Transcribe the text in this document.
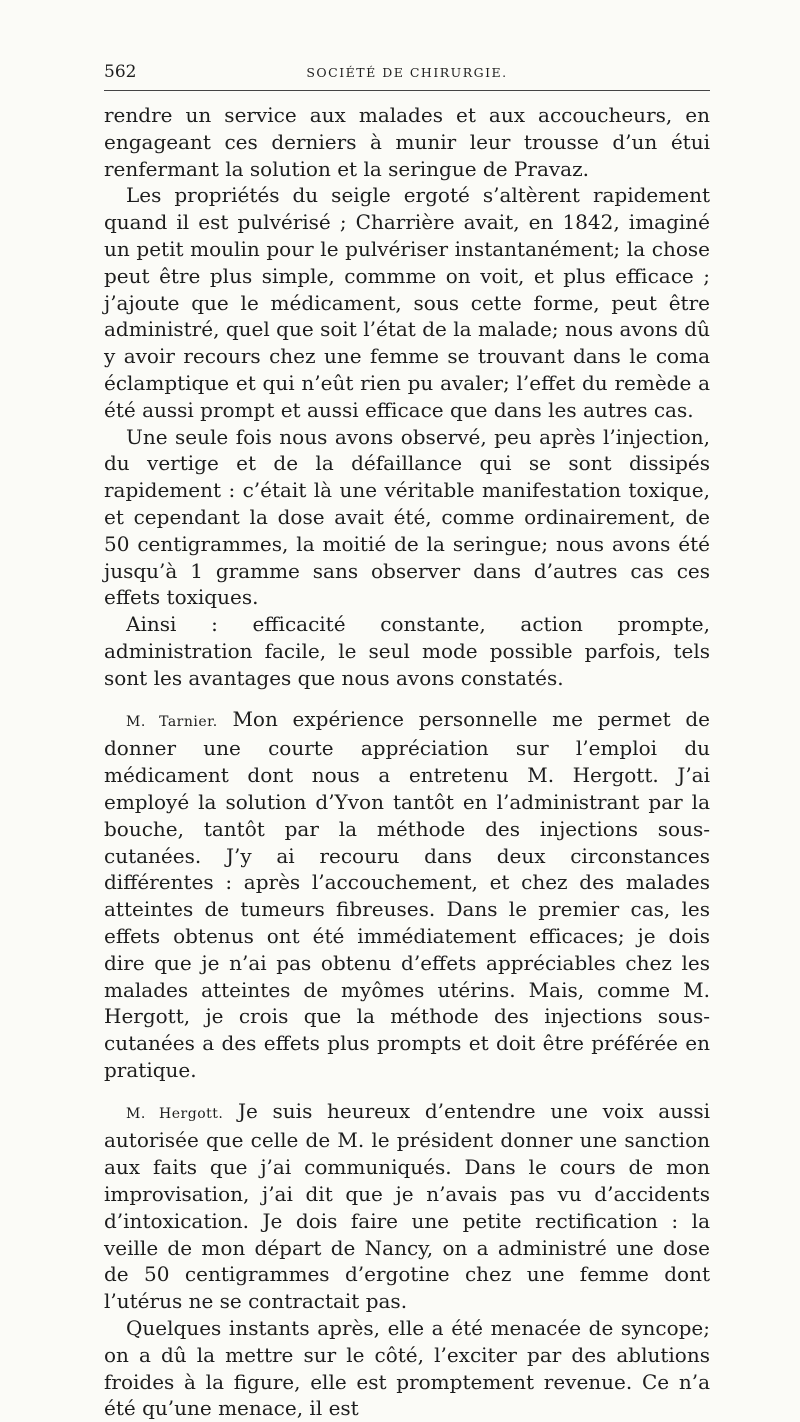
562	SOCIÉTÉ DE CHIRURGIE.

rendre un service aux malades et aux accoucheurs, en engageant ces derniers à munir leur trousse d’un étui renfermant la solution et la seringue de Pravaz.

Les propriétés du seigle ergoté s’altèrent rapidement quand il est pulvérisé ; Charrière avait, en 1842, imaginé un petit moulin pour le pulvériser instantanément; la chose peut être plus simple, commme on voit, et plus efficace ; j’ajoute que le médicament, sous cette forme, peut être administré, quel que soit l’état de la malade; nous avons dû y avoir recours chez une femme se trouvant dans le coma éclamptique et qui n’eût rien pu avaler; l’effet du remède a été aussi prompt et aussi efficace que dans les autres cas.

Une seule fois nous avons observé, peu après l’injection, du vertige et de la défaillance qui se sont dissipés rapidement : c’était là une véritable manifestation toxique, et cependant la dose avait été, comme ordinairement, de 50 centigrammes, la moitié de la seringue; nous avons été jusqu’à 1 gramme sans observer dans d’autres cas ces effets toxiques.

Ainsi : efficacité constante, action prompte, administration facile, le seul mode possible parfois, tels sont les avantages que nous avons constatés.

M. Tarnier. Mon expérience personnelle me permet de donner une courte appréciation sur l’emploi du médicament dont nous a entretenu M. Hergott. J’ai employé la solution d’Yvon tantôt en l’administrant par la bouche, tantôt par la méthode des injections sous-cutanées. J’y ai recouru dans deux circonstances différentes : après l’accouchement, et chez des malades atteintes de tumeurs fibreuses. Dans le premier cas, les effets obtenus ont été immédiatement efficaces; je dois dire que je n’ai pas obtenu d’effets appréciables chez les malades atteintes de myômes utérins. Mais, comme M. Hergott, je crois que la méthode des injections sous-cutanées a des effets plus prompts et doit être préférée en pratique.

M. Hergott. Je suis heureux d’entendre une voix aussi autorisée que celle de M. le président donner une sanction aux faits que j’ai communiqués. Dans le cours de mon improvisation, j’ai dit que je n’avais pas vu d’accidents d’intoxication. Je dois faire une petite rectification : la veille de mon départ de Nancy, on a administré une dose de 50 centigrammes d’ergotine chez une femme dont l’utérus ne se contractait pas.

Quelques instants après, elle a été menacée de syncope; on a dû la mettre sur le côté, l’exciter par des ablutions froides à la figure, elle est promptement revenue. Ce n’a été qu’une menace, il est
